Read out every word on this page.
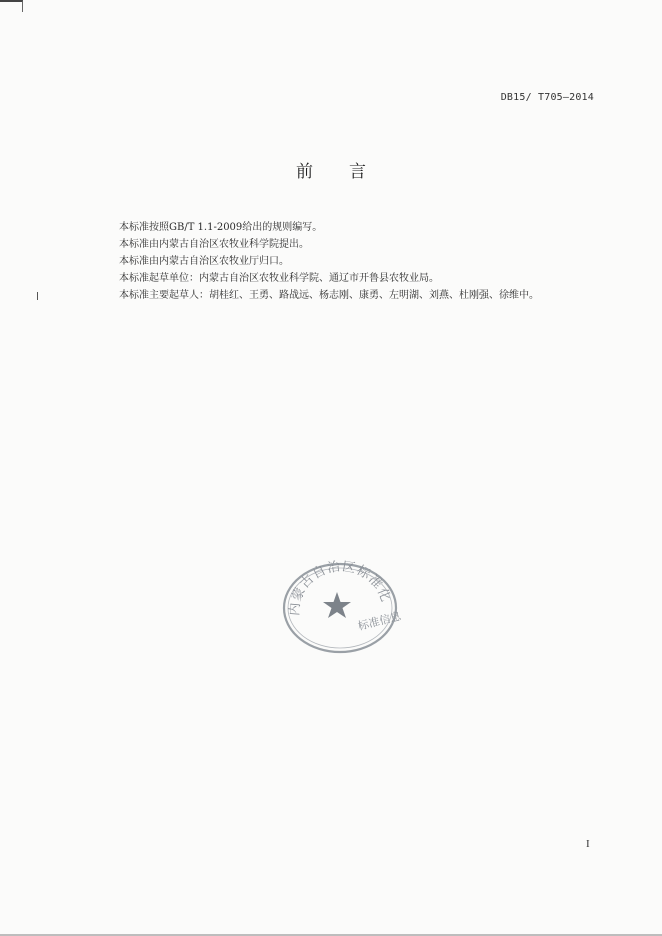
DB15/ T705—2014
前言
本标准按照GB/T 1.1-2009给出的规则编写。
本标准由内蒙古自治区农牧业科学院提出。
本标准由内蒙古自治区农牧业厅归口。
本标准起草单位：内蒙古自治区农牧业科学院、通辽市开鲁县农牧业局。
本标准主要起草人：胡桂红、王勇、路战远、杨志刚、康勇、左明湖、刘燕、杜刚强、徐维中。
内蒙古自治区标准化
标准信息
I
